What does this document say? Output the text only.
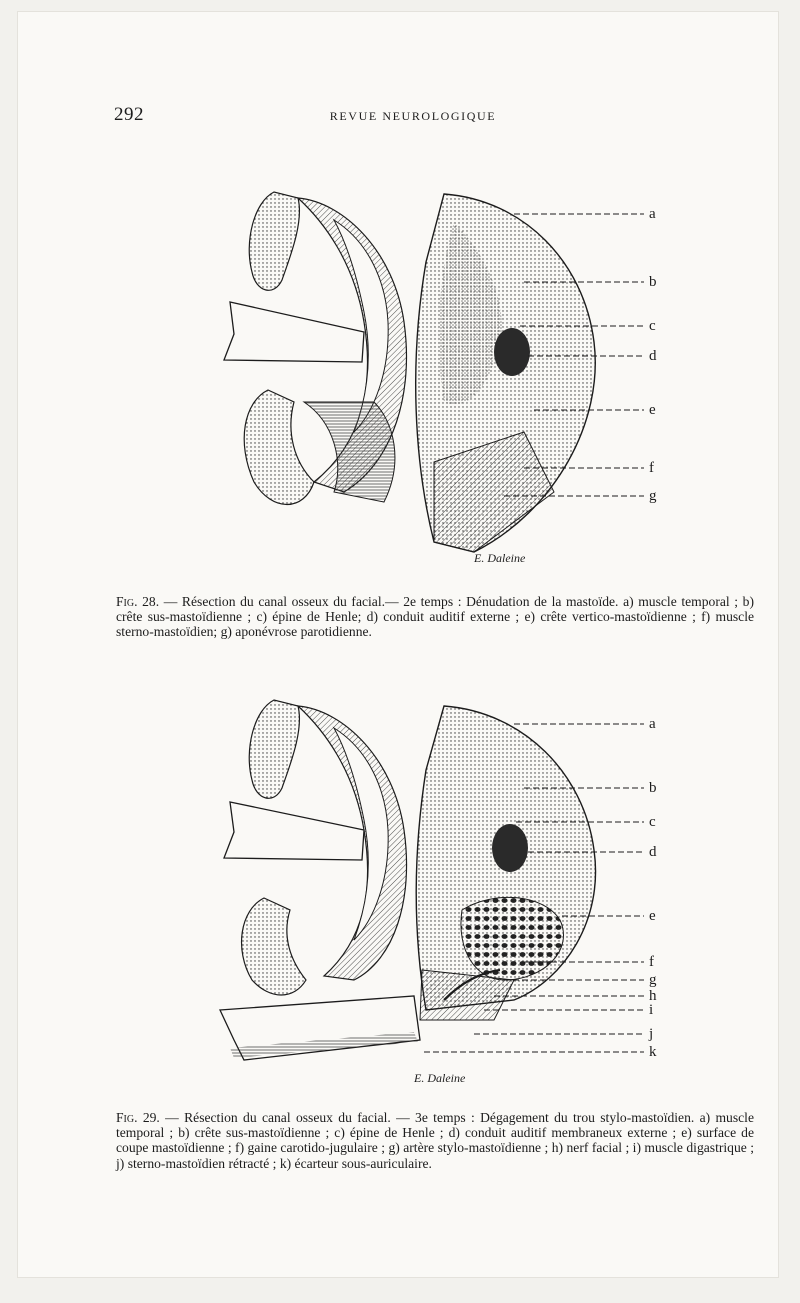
292	REVUE NEUROLOGIQUE
a
b
c
d
e
f
g
E. Daleine

Fig. 28. — Résection du canal osseux du facial.— 2e temps : Dénudation de la mastoïde. a) muscle temporal ; b) crête sus-mastoïdienne ; c) épine de Henle; d) conduit auditif externe ; e) crête vertico-mastoïdienne ; f) muscle sterno-mastoïdien; g) aponévrose parotidienne.

a
b
c
d
e
f
g
h
i
j
k
E. Daleine

Fig. 29. — Résection du canal osseux du facial. — 3e temps : Dégagement du trou stylo-mastoïdien. a) muscle temporal ; b) crête sus-mastoïdienne ; c) épine de Henle ; d) conduit auditif membraneux externe ; e) surface de coupe mastoïdienne ; f) gaine carotido-jugulaire ; g) artère stylo-mastoïdienne ; h) nerf facial ; i) muscle digastrique ; j) sterno-mastoïdien rétracté ; k) écarteur sous-auriculaire.
